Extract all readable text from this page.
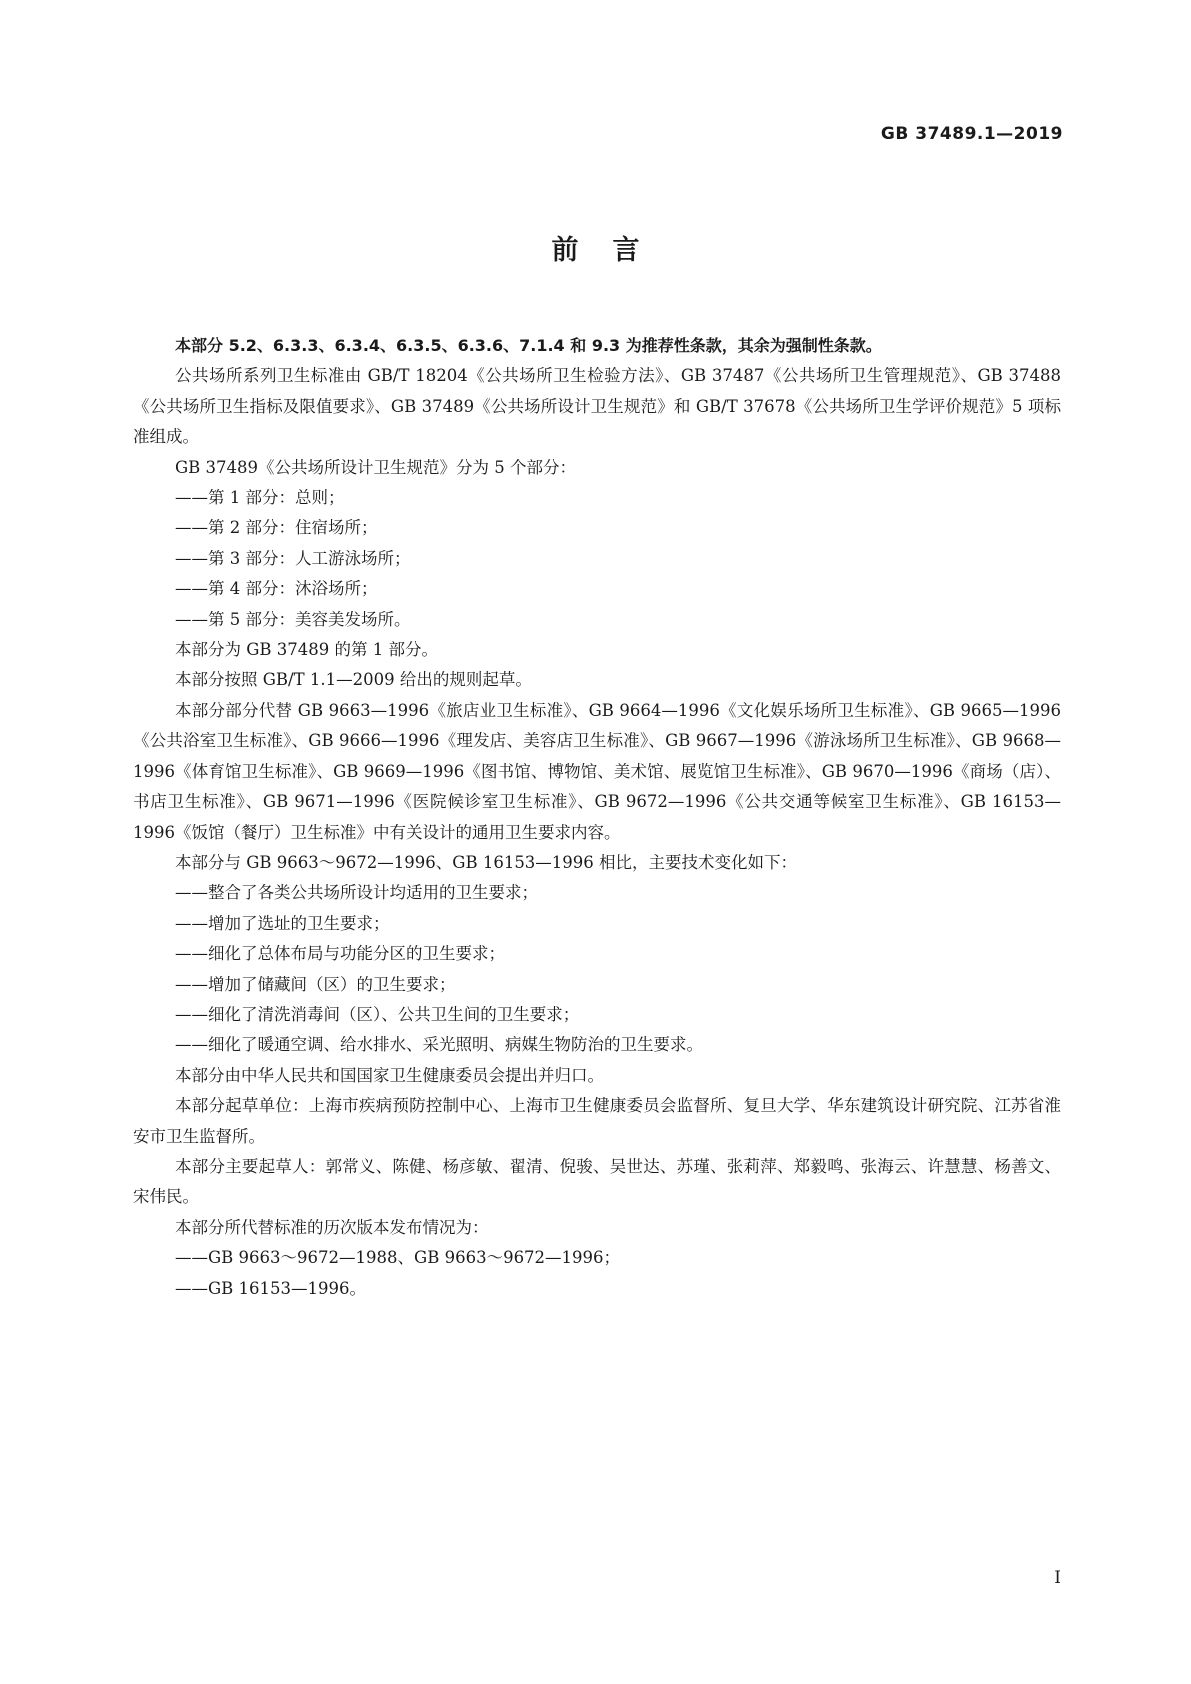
GB 37489.1—2019

前言

本部分 5.2、6.3.3、6.3.4、6.3.5、6.3.6、7.1.4 和 9.3 为推荐性条款，其余为强制性条款。

公共场所系列卫生标准由 GB/T 18204《公共场所卫生检验方法》、GB 37487《公共场所卫生管理规范》、GB 37488《公共场所卫生指标及限值要求》、GB 37489《公共场所设计卫生规范》和 GB/T 37678《公共场所卫生学评价规范》5 项标准组成。

GB 37489《公共场所设计卫生规范》分为 5 个部分：

——第 1 部分：总则；

——第 2 部分：住宿场所；

——第 3 部分：人工游泳场所；

——第 4 部分：沐浴场所；

——第 5 部分：美容美发场所。

本部分为 GB 37489 的第 1 部分。

本部分按照 GB/T 1.1—2009 给出的规则起草。

本部分部分代替 GB 9663—1996《旅店业卫生标准》、GB 9664—1996《文化娱乐场所卫生标准》、GB 9665—1996《公共浴室卫生标准》、GB 9666—1996《理发店、美容店卫生标准》、GB 9667—1996《游泳场所卫生标准》、GB 9668—1996《体育馆卫生标准》、GB 9669—1996《图书馆、博物馆、美术馆、展览馆卫生标准》、GB 9670—1996《商场（店）、书店卫生标准》、GB 9671—1996《医院候诊室卫生标准》、GB 9672—1996《公共交通等候室卫生标准》、GB 16153—1996《饭馆（餐厅）卫生标准》中有关设计的通用卫生要求内容。

本部分与 GB 9663～9672—1996、GB 16153—1996 相比，主要技术变化如下：

——整合了各类公共场所设计均适用的卫生要求；

——增加了选址的卫生要求；

——细化了总体布局与功能分区的卫生要求；

——增加了储藏间（区）的卫生要求；

——细化了清洗消毒间（区）、公共卫生间的卫生要求；

——细化了暖通空调、给水排水、采光照明、病媒生物防治的卫生要求。

本部分由中华人民共和国国家卫生健康委员会提出并归口。

本部分起草单位：上海市疾病预防控制中心、上海市卫生健康委员会监督所、复旦大学、华东建筑设计研究院、江苏省淮安市卫生监督所。

本部分主要起草人：郭常义、陈健、杨彦敏、翟清、倪骏、吴世达、苏瑾、张莉萍、郑毅鸣、张海云、许慧慧、杨善文、宋伟民。

本部分所代替标准的历次版本发布情况为：

——GB 9663～9672—1988、GB 9663～9672—1996；

——GB 16153—1996。

I
